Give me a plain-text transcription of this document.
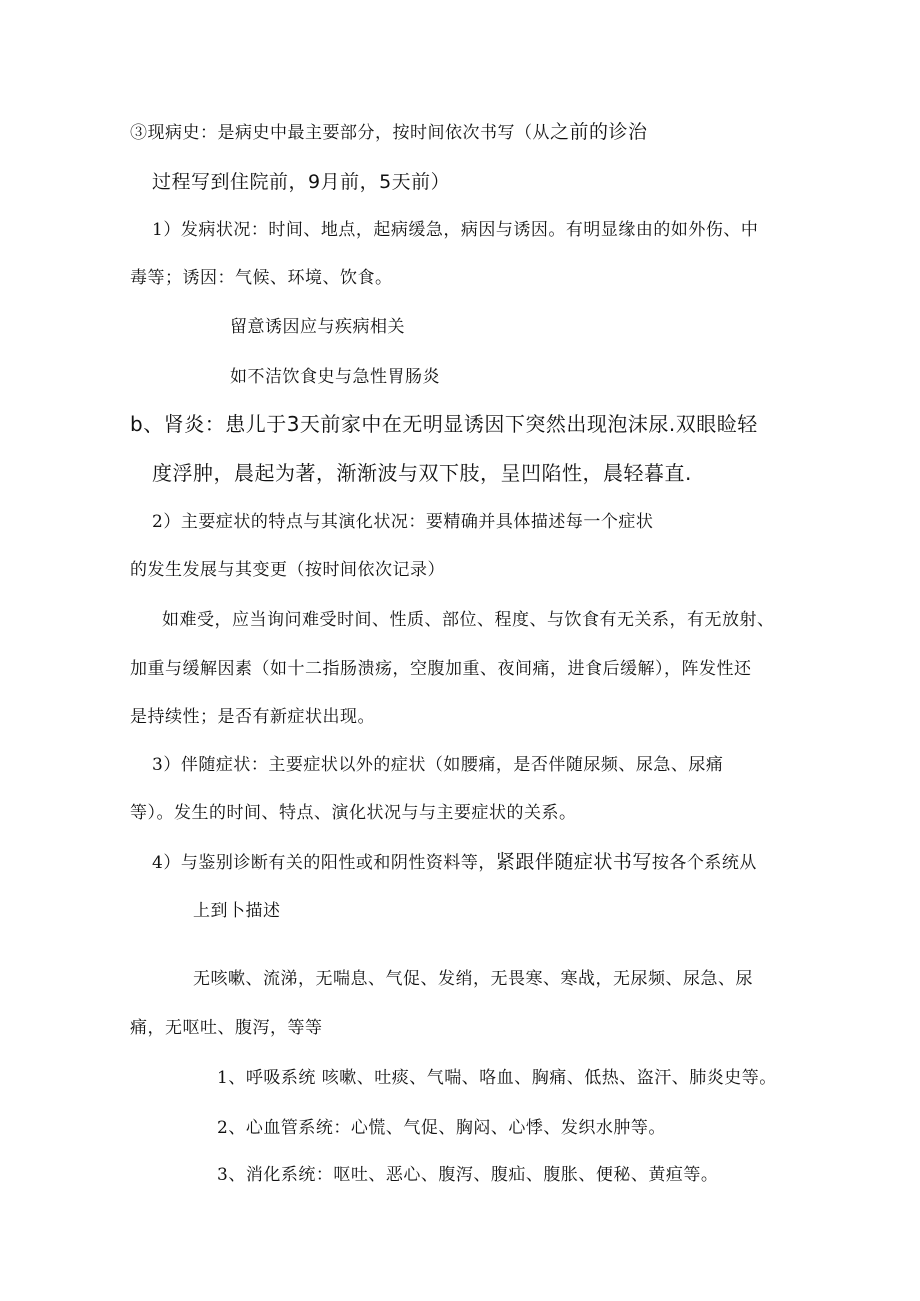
③现病史：是病史中最主要部分，按时间依次书写（从之前的诊治
过程写到住院前，9月前，5天前）
1）发病状况：时间、地点，起病缓急，病因与诱因。有明显缘由的如外伤、中
毒等；诱因：气候、环境、饮食。
留意诱因应与疾病相关
如不洁饮食史与急性胃肠炎
b、肾炎：患儿于3天前家中在无明显诱因下突然出现泡沫尿.双眼睑轻
度浮肿，晨起为著，渐渐波与双下肢，呈凹陷性，晨轻暮直.
2）主要症状的特点与其演化状况：要精确并具体描述每一个症状
的发生发展与其变更（按时间依次记录）
如难受，应当询问难受时间、性质、部位、程度、与饮食有无关系，有无放射、
加重与缓解因素（如十二指肠溃疡，空腹加重、夜间痛，进食后缓解），阵发性还
是持续性；是否有新症状出现。
3）伴随症状：主要症状以外的症状（如腰痛，是否伴随尿频、尿急、尿痛
等）。发生的时间、特点、演化状况与与主要症状的关系。
4）与鉴别诊断有关的阳性或和阴性资料等，紧跟伴随症状书写按各个系统从
上到卜描述
无咳嗽、流涕，无喘息、气促、发绡，无畏寒、寒战，无尿频、尿急、尿
痛，无呕吐、腹泻，等等
1、呼吸系统 咳嗽、吐痰、气喘、咯血、胸痛、低热、盗汗、肺炎史等。
2、心血管系统：心慌、气促、胸闷、心悸、发织水肿等。
3、消化系统：呕吐、恶心、腹泻、腹疝、腹胀、便秘、黄疸等。
